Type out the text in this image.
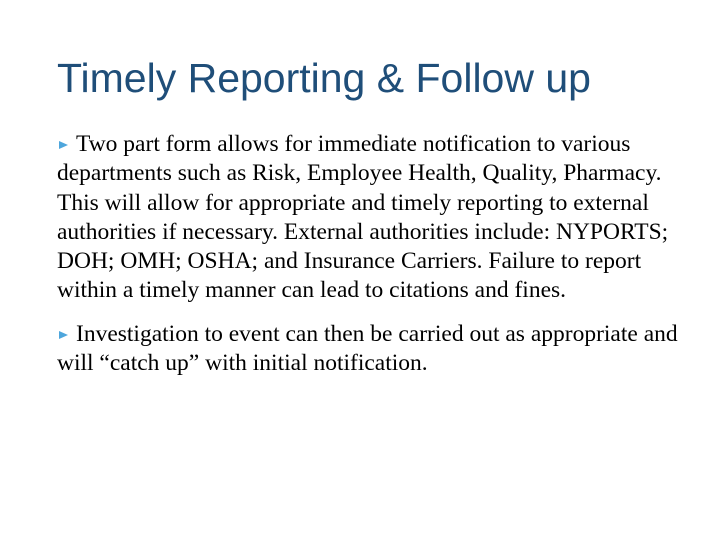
Timely Reporting & Follow up
Two part form allows for immediate notification to various departments such as Risk, Employee Health, Quality, Pharmacy. This will allow for appropriate and timely reporting to external authorities if necessary. External authorities include: NYPORTS; DOH; OMH; OSHA; and Insurance Carriers. Failure to report within a timely manner can lead to citations and fines.
Investigation to event can then be carried out as appropriate and will “catch up” with initial notification.
